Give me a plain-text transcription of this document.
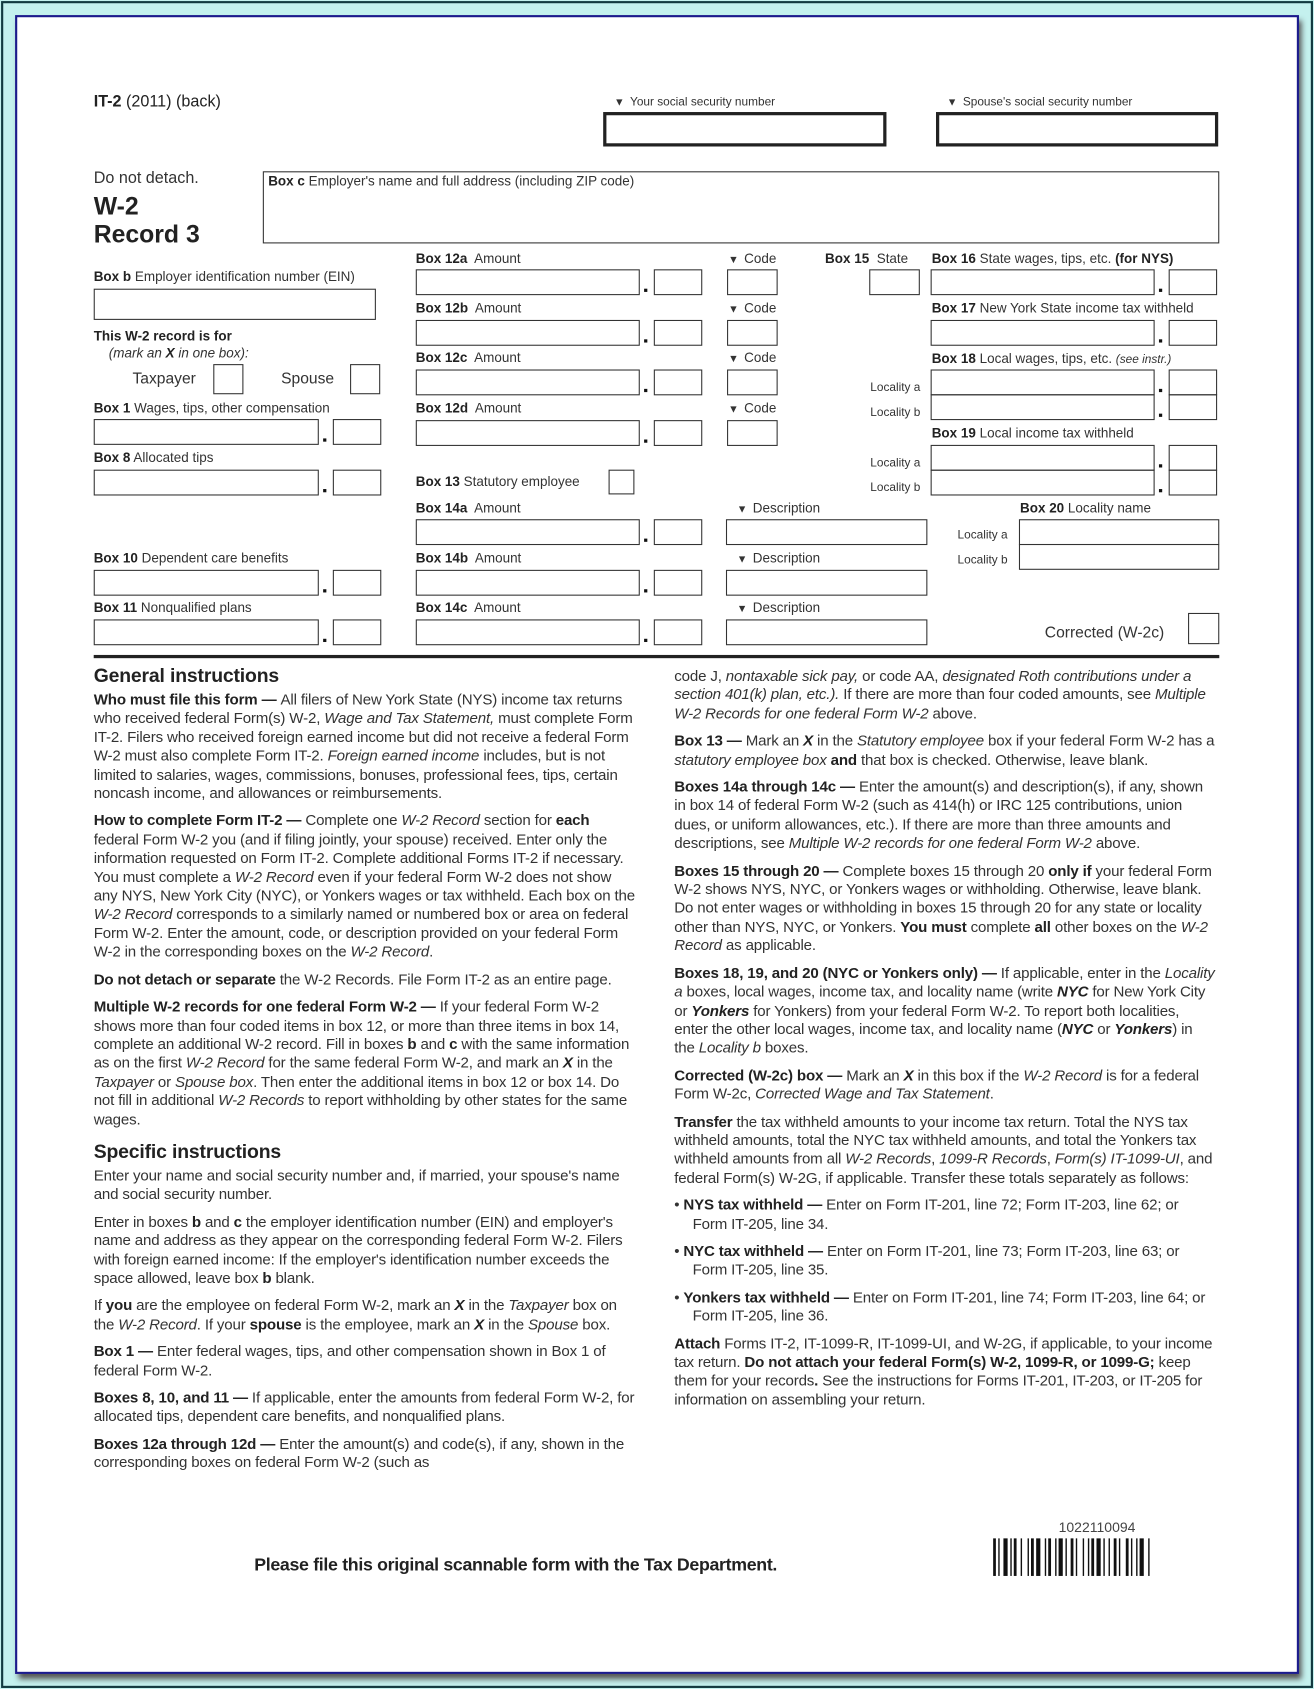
IT-2 (2011) (back)	▼ Your social security number	▼ Spouse's social security number
Do not detach.
W-2
Record 3
Box c Employer's name and full address (including ZIP code)
Box b Employer identification number (EIN)
This W-2 record is for
(mark an X in one box):
Taxpayer	Spouse
Box 1 Wages, tips, other compensation
Box 8 Allocated tips
Box 10 Dependent care benefits
Box 11 Nonqualified plans
Box 12a Amount	▼ Code
Box 12b Amount	▼ Code
Box 12c Amount	▼ Code
Box 12d Amount	▼ Code
Box 13 Statutory employee
Box 14a Amount	▼ Description
Box 14b Amount	▼ Description
Box 14c Amount	▼ Description
Box 15 State Box 16 State wages, tips, etc. (for NYS)
Box 17 New York State income tax withheld
Box 18 Local wages, tips, etc. (see instr.)
Locality a
Locality b
Box 19 Local income tax withheld
Locality a
Locality b
Box 20 Locality name
Locality a
Locality b
Corrected (W-2c)
General instructions

Who must file this form — All filers of New York State (NYS) income tax returns who received federal Form(s) W-2, Wage and Tax Statement, must complete Form IT-2. Filers who received foreign earned income but did not receive a federal Form W-2 must also complete Form IT-2. Foreign earned income includes, but is not limited to salaries, wages, commissions, bonuses, professional fees, tips, certain noncash income, and allowances or reimbursements.

How to complete Form IT-2 — Complete one W-2 Record section for each federal Form W-2 you (and if filing jointly, your spouse) received. Enter only the information requested on Form IT-2. Complete additional Forms IT-2 if necessary. You must complete a W-2 Record even if your federal Form W-2 does not show any NYS, New York City (NYC), or Yonkers wages or tax withheld. Each box on the W-2 Record corresponds to a similarly named or numbered box or area on federal Form W-2. Enter the amount, code, or description provided on your federal Form W-2 in the corresponding boxes on the W-2 Record.

Do not detach or separate the W-2 Records. File Form IT-2 as an entire page.

Multiple W-2 records for one federal Form W-2 — If your federal Form W-2 shows more than four coded items in box 12, or more than three items in box 14, complete an additional W-2 record. Fill in boxes b and c with the same information as on the first W-2 Record for the same federal Form W-2, and mark an X in the Taxpayer or Spouse box. Then enter the additional items in box 12 or box 14. Do not fill in additional W-2 Records to report withholding by other states for the same wages.

Specific instructions

Enter your name and social security number and, if married, your spouse's name and social security number.

Enter in boxes b and c the employer identification number (EIN) and employer's name and address as they appear on the corresponding federal Form W-2. Filers with foreign earned income: If the employer's identification number exceeds the space allowed, leave box b blank.

If you are the employee on federal Form W-2, mark an X in the Taxpayer box on the W-2 Record. If your spouse is the employee, mark an X in the Spouse box.

Box 1 — Enter federal wages, tips, and other compensation shown in Box 1 of federal Form W-2.

Boxes 8, 10, and 11 — If applicable, enter the amounts from federal Form W-2, for allocated tips, dependent care benefits, and nonqualified plans.

Boxes 12a through 12d — Enter the amount(s) and code(s), if any, shown in the corresponding boxes on federal Form W-2 (such as

code J, nontaxable sick pay, or code AA, designated Roth contributions under a section 401(k) plan, etc.). If there are more than four coded amounts, see Multiple W-2 Records for one federal Form W-2 above.

Box 13 — Mark an X in the Statutory employee box if your federal Form W-2 has a statutory employee box and that box is checked. Otherwise, leave blank.

Boxes 14a through 14c — Enter the amount(s) and description(s), if any, shown in box 14 of federal Form W-2 (such as 414(h) or IRC 125 contributions, union dues, or uniform allowances, etc.). If there are more than three amounts and descriptions, see Multiple W-2 records for one federal Form W-2 above.

Boxes 15 through 20 — Complete boxes 15 through 20 only if your federal Form W-2 shows NYS, NYC, or Yonkers wages or withholding. Otherwise, leave blank. Do not enter wages or withholding in boxes 15 through 20 for any state or locality other than NYS, NYC, or Yonkers. You must complete all other boxes on the W-2 Record as applicable.

Boxes 18, 19, and 20 (NYC or Yonkers only) — If applicable, enter in the Locality a boxes, local wages, income tax, and locality name (write NYC for New York City or Yonkers for Yonkers) from your federal Form W-2. To report both localities, enter the other local wages, income tax, and locality name (NYC or Yonkers) in the Locality b boxes.

Corrected (W-2c) box — Mark an X in this box if the W-2 Record is for a federal Form W-2c, Corrected Wage and Tax Statement.

Transfer the tax withheld amounts to your income tax return. Total the NYS tax withheld amounts, total the NYC tax withheld amounts, and total the Yonkers tax withheld amounts from all W-2 Records, 1099-R Records, Form(s) IT-1099-UI, and federal Form(s) W-2G, if applicable. Transfer these totals separately as follows:

• NYS tax withheld — Enter on Form IT-201, line 72; Form IT-203, line 62; or Form IT-205, line 34.

• NYC tax withheld — Enter on Form IT-201, line 73; Form IT-203, line 63; or Form IT-205, line 35.

• Yonkers tax withheld — Enter on Form IT-201, line 74; Form IT-203, line 64; or Form IT-205, line 36.

Attach Forms IT-2, IT-1099-R, IT-1099-UI, and W-2G, if applicable, to your income tax return. Do not attach your federal Form(s) W-2, 1099-R, or 1099-G; keep them for your records. See the instructions for Forms IT-201, IT-203, or IT-205 for information on assembling your return.

Please file this original scannable form with the Tax Department.
1022110094
